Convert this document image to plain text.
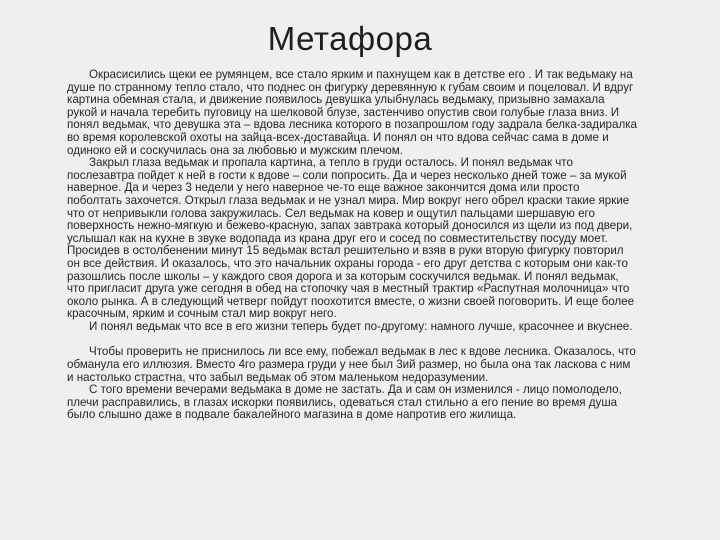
Метафора

Окрасисились щеки ее румянцем, все стало ярким и пахнущем как в детстве его . И так ведьмаку на душе по странному тепло стало, что поднес он фигурку деревянную к губам своим и поцеловал. И вдруг картина обемная стала, и движение появилось девушка улыбнулась ведьмаку, призывно замахала рукой и начала теребить пуговицу на шелковой блузе, застенчиво опустив свои голубые глаза вниз. И понял ведьмак, что девушка эта – вдова лесника которого в позапрошлом году задрала белка-задиралка во время королевской охоты на зайца-всех-доставайца. И понял он что вдова сейчас сама в доме и одиноко ей и соскучилась она за любовью и мужским плечом.

Закрыл глаза ведьмак и пропала картина, а тепло в груди осталось. И понял ведьмак что послезавтра пойдет к ней в гости к вдове – соли попросить. Да и через несколько дней тоже – за мукой наверное. Да и через 3 недели у него наверное че-то еще важное закончится дома или просто поболтать захочется. Открыл глаза ведьмак и не узнал мира. Мир вокруг него обрел краски такие яркие что от непривыкли голова закружилась. Сел ведьмак на ковер и ощутил пальцами шершавую его поверхность нежно-мягкую и бежево-красную, запах завтрака который доносился из щели из под двери, услышал как на кухне в звуке водопада из крана друг его и сосед по совместительству посуду моет. Просидев в остолбенении минут 15 ведьмак встал решительно и взяв в руки вторую фигурку повторил он все действия. И оказалось, что это начальник охраны города - его друг детства с которым они как-то разошлись после школы – у каждого своя дорога и за которым соскучился ведьмак. И понял ведьмак, что пригласит друга уже сегодня в обед на стопочку чая в местный трактир «Распутная молочница» что около рынка. А в следующий четверг пойдут поохотится вместе, о жизни своей поговорить. И еще более красочным, ярким и сочным стал мир вокруг него.

И понял ведьмак что все в его жизни теперь будет по-другому: намного лучше, красочнее и вкуснее.

Чтобы проверить не приснилось ли все ему, побежал ведьмак в лес к вдове лесника. Оказалось, что обманула его иллюзия. Вместо 4го размера груди у нее был 3ий размер, но была она так ласкова с ним и настолько страстна, что забыл ведьмак об этом маленьком недоразумении.

С того времени вечерами ведьмака в доме не застать. Да и сам он изменился - лицо помолодело, плечи расправились, в глазах искорки появились, одеваться стал стильно а его пение во время душа было слышно даже в подвале бакалейного магазина в доме напротив его жилища.
